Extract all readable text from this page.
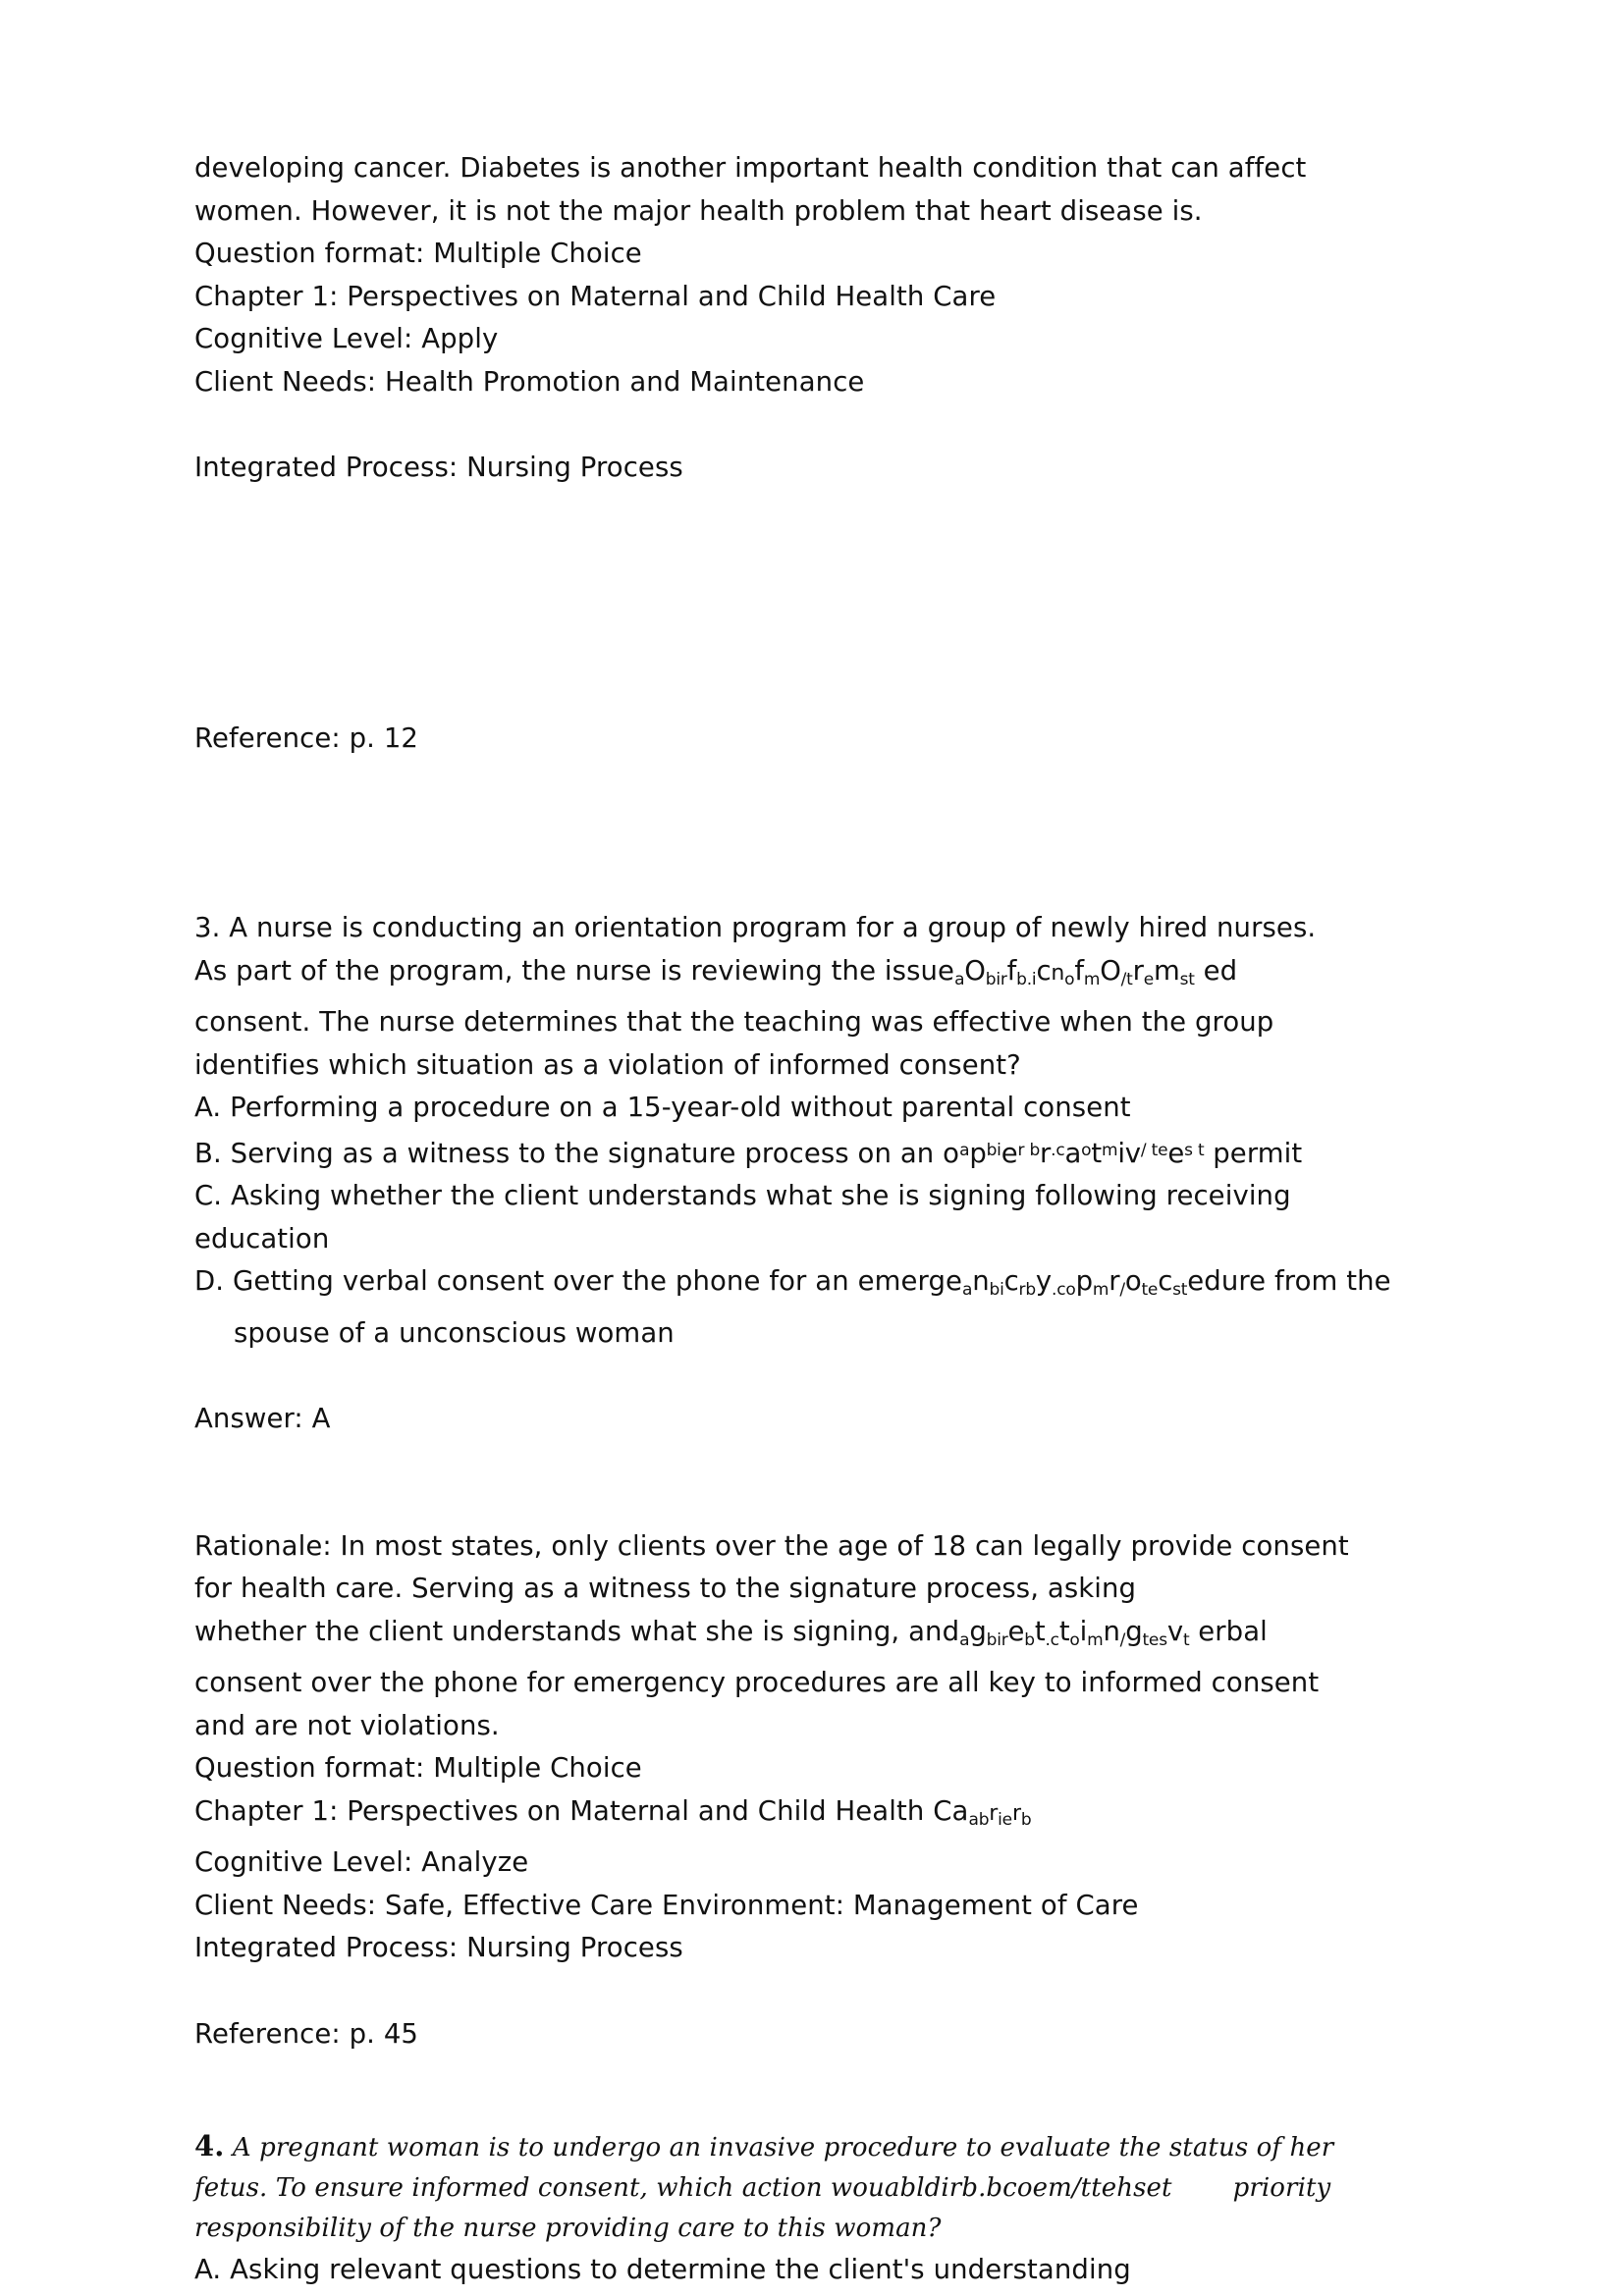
developing cancer. Diabetes is another important health condition that can affect

women. However, it is not the major health problem that heart disease is.

Question format: Multiple Choice

Chapter 1: Perspectives on Maternal and Child Health Care

Cognitive Level: Apply

Client Needs: Health Promotion and Maintenance

Integrated Process: Nursing Process

Reference: p. 12

3. A nurse is conducting an orientation program for a group of newly hired nurses.

As part of the program, the nurse is reviewing the issueaObirfb.icnofmO/tremst ed

consent. The nurse determines that the teaching was effective when the group

identifies which situation as a violation of informed consent?

A. Performing a procedure on a 15-year-old without parental consent

B. Serving as a witness to the signature process on an $o^ap^{bi}e^r$ $^br^{.c}a^ot^miv^{/ te}e^{s t}$ permit

C. Asking whether the client understands what she is signing following receiving

education

D. Getting verbal consent over the phone for an emergeanbicrby.copmr/otecstedure from the

spouse of a unconscious woman

Answer: A

Rationale: In most states, only clients over the age of 18 can legally provide consent

for health care. Serving as a witness to the signature process, asking

whether the client understands what she is signing, andagbirebt.ctoimn/gtesvt erbal

consent over the phone for emergency procedures are all key to informed consent

and are not violations.

Question format: Multiple Choice

Chapter 1: Perspectives on Maternal and Child Health Caabrierb

Cognitive Level: Analyze

Client Needs: Safe, Effective Care Environment: Management of Care

Integrated Process: Nursing Process

Reference: p. 45

4. A pregnant woman is to undergo an invasive procedure to evaluate the status of her

fetus. To ensure informed consent, which action wouabldirb.bcoem/ttehset priority

responsibility of the nurse providing care to this woman?

A. Asking relevant questions to determine the client's understanding
